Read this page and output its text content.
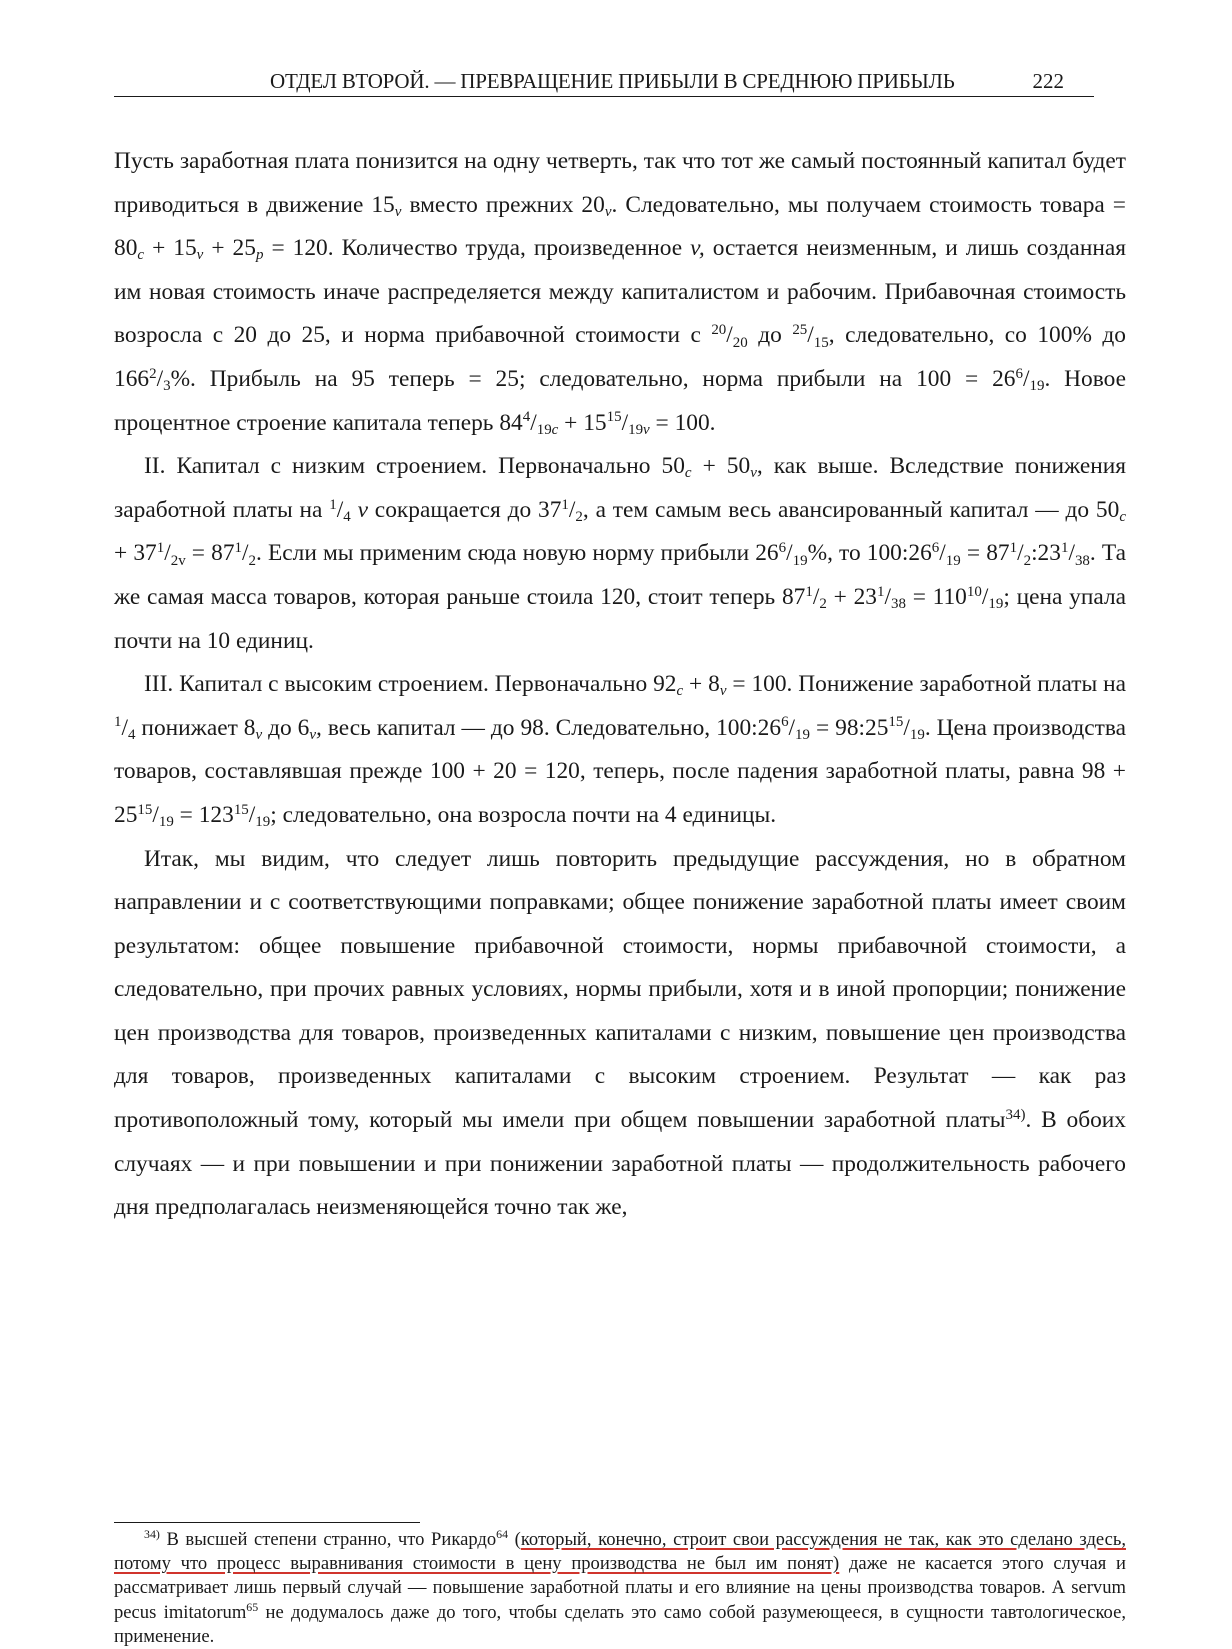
ОТДЕЛ ВТОРОЙ. — ПРЕВРАЩЕНИЕ ПРИБЫЛИ В СРЕДНЮЮ ПРИБЫЛЬ	222

Пусть заработная плата понизится на одну четверть, так что тот же самый постоянный капитал будет приводиться в движение $15_v$ вместо прежних $20_v$. Следовательно, мы получаем стоимость товара = $80_c + 15_v + 25_p = 120$. Количество труда, произведенное v, остается неизменным, и лишь созданная им новая стоимость иначе распределяется между капиталистом и рабочим. Прибавочная стоимость возросла с 20 до 25, и норма прибавочной стоимости с $^{20}/_{20}$ до $^{25}/_{15}$, следовательно, со 100% до $166^2/_3\%$. Прибыль на 95 теперь = 25; следовательно, норма прибыли на $100 = 26^6/_{19}$. Новое процентное строение капитала теперь $84^4/_{19c} + 15^{15}/_{19v} = 100$.

II. Капитал с низким строением. Первоначально $50_c + 50_v$, как выше. Вследствие понижения заработной платы на $^1/_4$ v сокращается до $37^1/_2$, а тем самым весь авансированный капитал — до $50_c + 37^1/_{2v} = 87^1/_2$. Если мы применим сюда новую норму прибыли $26^6/_{19}\%$, то $100:26^6/_{19}$ = $87^1/_2:23^1/_{38}$. Та же самая масса товаров, которая раньше стоила 120, стоит теперь $87^1/_2 + 23^1/_{38} = 110^{10}/_{19}$; цена упала почти на 10 единиц.

III. Капитал с высоким строением. Первоначально $92_c + 8_v = 100$. Понижение заработной платы на $^1/_4$ понижает $8_v$ до $6_v$, весь капитал — до 98. Следовательно, $100:26^6/_{19}$ = $98:25^{15}/_{19}$. Цена производства товаров, составлявшая прежде 100 + 20 = 120, теперь, после падения заработной платы, равна $98 + 25^{15}/_{19} = 123^{15}/_{19}$; следовательно, она возросла почти на 4 единицы.

Итак, мы видим, что следует лишь повторить предыдущие рассуждения, но в обратном направлении и с соответствующими поправками; общее понижение заработной платы имеет своим результатом: общее повышение прибавочной стоимости, нормы прибавочной стоимости, а следовательно, при прочих равных условиях, нормы прибыли, хотя и в иной пропорции; понижение цен производства для товаров, произведенных капиталами с низким, повышение цен производства для товаров, произведенных капиталами с высоким строением. Результат — как раз противоположный тому, который мы имели при общем повышении заработной платы$^{34)}$. В обоих случаях — и при повышении и при понижении заработной платы — продолжительность рабочего дня предполагалась неизменяющейся точно так же,

$^{34)}$ В высшей степени странно, что Рикардо$^{64}$ (который, конечно, строит свои рассуждения не так, как это сделано здесь, потому что процесс выравнивания стоимости в цену производства не был им понят) даже не касается этого случая и рассматривает лишь первый случай — повышение заработной платы и его влияние на цены производства товаров. А servum pecus imitatorum$^{65}$ не додумалось даже до того, чтобы сделать это само собой разумеющееся, в сущности тавтологическое, применение.
